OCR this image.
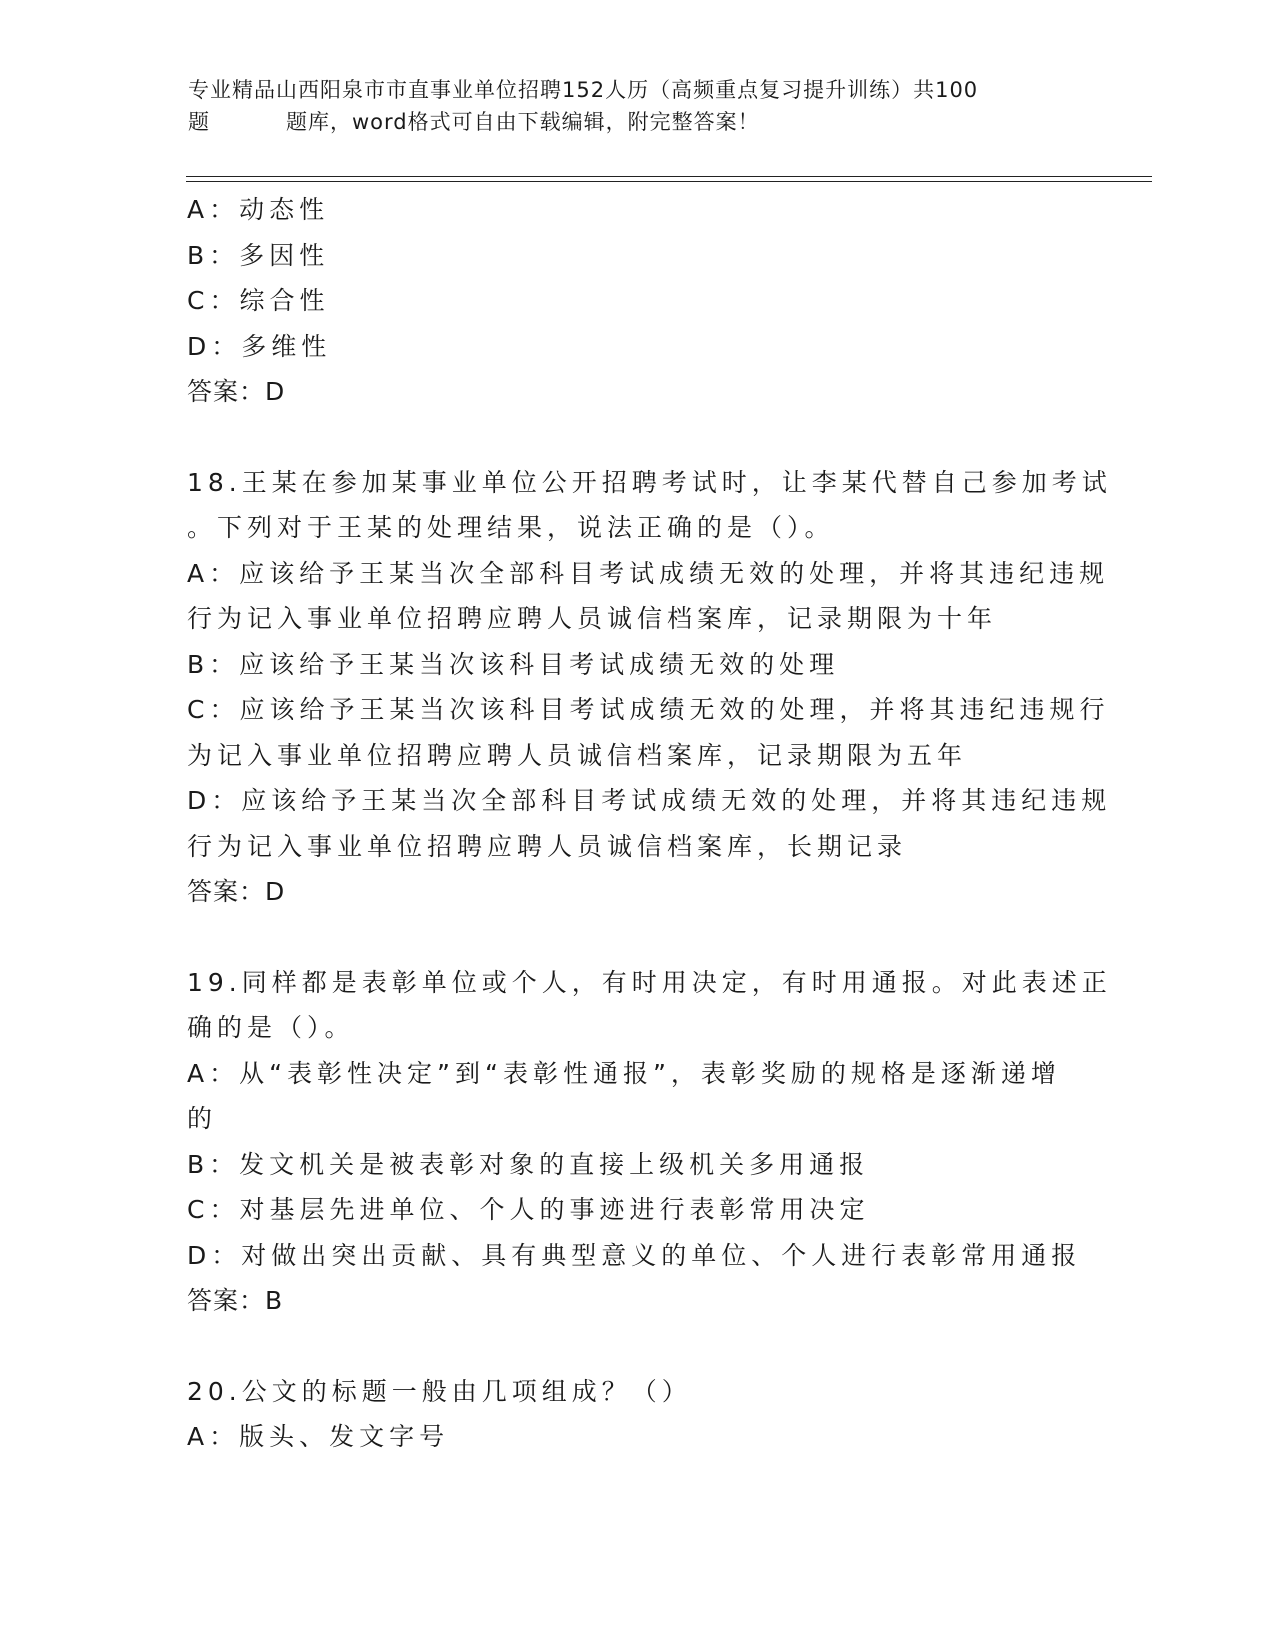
专业精品山西阳泉市市直事业单位招聘152人历（高频重点复习提升训练）共100
题	题库，word格式可自由下载编辑，附完整答案！
A：动态性
B：多因性
C：综合性
D：多维性
答案：D
18.王某在参加某事业单位公开招聘考试时，让李某代替自己参加考试
。下列对于王某的处理结果，说法正确的是（）。
A：应该给予王某当次全部科目考试成绩无效的处理，并将其违纪违规
行为记入事业单位招聘应聘人员诚信档案库，记录期限为十年
B：应该给予王某当次该科目考试成绩无效的处理
C：应该给予王某当次该科目考试成绩无效的处理，并将其违纪违规行
为记入事业单位招聘应聘人员诚信档案库，记录期限为五年
D：应该给予王某当次全部科目考试成绩无效的处理，并将其违纪违规
行为记入事业单位招聘应聘人员诚信档案库，长期记录
答案：D
19.同样都是表彰单位或个人，有时用决定，有时用通报。对此表述正
确的是（）。
A：从“表彰性决定”到“表彰性通报”，表彰奖励的规格是逐渐递增
的
B：发文机关是被表彰对象的直接上级机关多用通报
C：对基层先进单位、个人的事迹进行表彰常用决定
D：对做出突出贡献、具有典型意义的单位、个人进行表彰常用通报
答案：B
20.公文的标题一般由几项组成？（）
A：版头、发文字号
